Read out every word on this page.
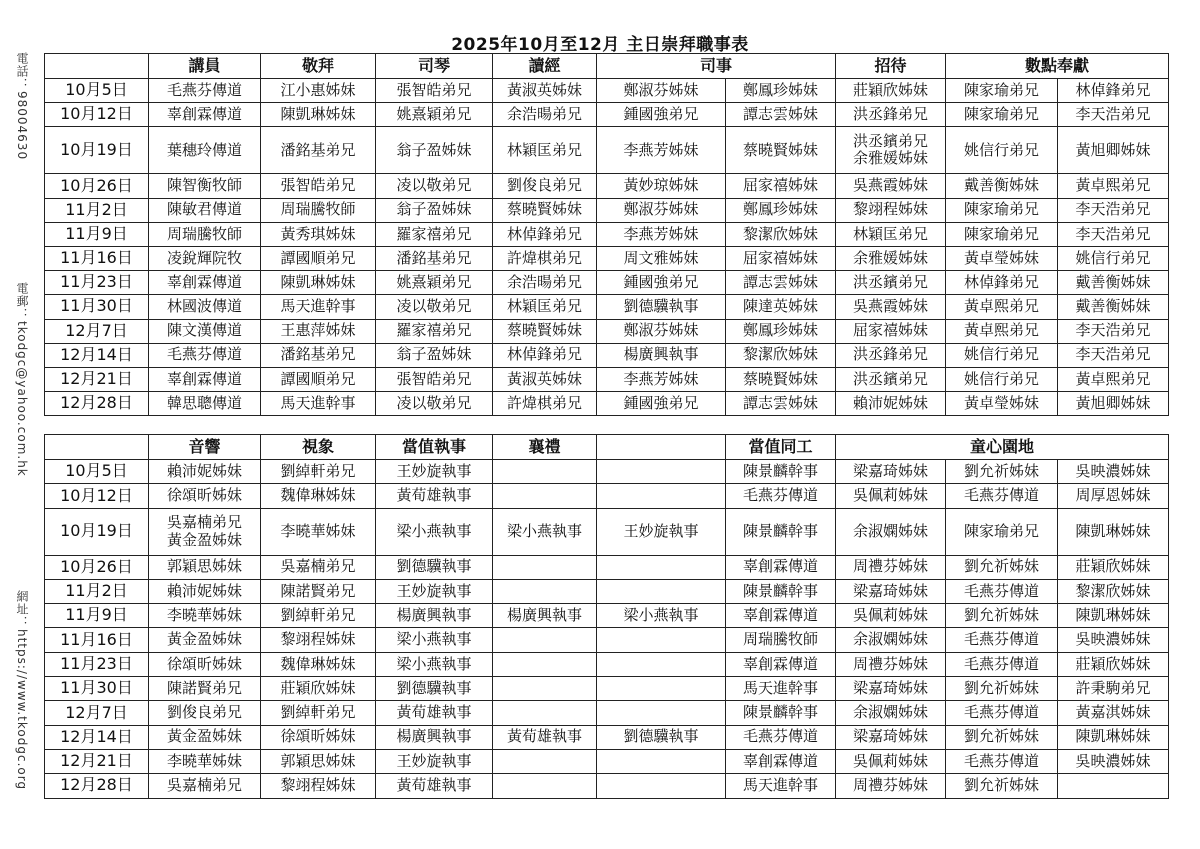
2025年10月至12月 主日崇拜職事表
電話：98004630
電郵：tkodgc@yahoo.com.hk
網址：https://www.tkodgc.org
	講員	敬拜	司琴	讀經	司事		招待	數點奉獻	
10月5日	毛燕芬傳道	江小惠姊妹	張智皓弟兄	黃淑英姊妹	鄭淑芬姊妹	鄭鳳珍姊妹	莊穎欣姊妹	陳家瑜弟兄	林倬鋒弟兄

10月12日	辜創霖傳道	陳凱琳姊妹	姚熹穎弟兄	余浩暘弟兄	鍾國強弟兄	譚志雲姊妹	洪丞鋒弟兄	陳家瑜弟兄	李天浩弟兄

10月19日	葉穗玲傳道	潘銘基弟兄	翁子盈姊妹	林穎匡弟兄	李燕芳姊妹	蔡曉賢姊妹	洪丞鑌弟兄
余雅媛姊妹	姚信行弟兄	黃旭卿姊妹

10月26日	陳智衡牧師	張智皓弟兄	凌以敬弟兄	劉俊良弟兄	黃妙琼姊妹	屈家禧姊妹	吳燕霞姊妹	戴善衡姊妹	黃卓熙弟兄

11月2日	陳敏君傳道	周瑞騰牧師	翁子盈姊妹	蔡曉賢姊妹	鄭淑芬姊妹	鄭鳳珍姊妹	黎翊程姊妹	陳家瑜弟兄	李天浩弟兄

11月9日	周瑞騰牧師	黃秀琪姊妹	羅家禧弟兄	林倬鋒弟兄	李燕芳姊妹	黎潔欣姊妹	林穎匡弟兄	陳家瑜弟兄	李天浩弟兄

11月16日	凌銳輝院牧	譚國順弟兄	潘銘基弟兄	許煒棋弟兄	周文雅姊妹	屈家禧姊妹	余雅媛姊妹	黃卓瑩姊妹	姚信行弟兄

11月23日	辜創霖傳道	陳凱琳姊妹	姚熹穎弟兄	余浩暘弟兄	鍾國強弟兄	譚志雲姊妹	洪丞鑌弟兄	林倬鋒弟兄	戴善衡姊妹

11月30日	林國波傳道	馬天進幹事	凌以敬弟兄	林穎匡弟兄	劉德驥執事	陳達英姊妹	吳燕霞姊妹	黃卓熙弟兄	戴善衡姊妹

12月7日	陳文漢傳道	王惠萍姊妹	羅家禧弟兄	蔡曉賢姊妹	鄭淑芬姊妹	鄭鳳珍姊妹	屈家禧姊妹	黃卓熙弟兄	李天浩弟兄

12月14日	毛燕芬傳道	潘銘基弟兄	翁子盈姊妹	林倬鋒弟兄	楊廣興執事	黎潔欣姊妹	洪丞鋒弟兄	姚信行弟兄	李天浩弟兄

12月21日	辜創霖傳道	譚國順弟兄	張智皓弟兄	黃淑英姊妹	李燕芳姊妹	蔡曉賢姊妹	洪丞鑌弟兄	姚信行弟兄	黃卓熙弟兄

12月28日	韓思聰傳道	馬天進幹事	凌以敬弟兄	許煒棋弟兄	鍾國強弟兄	譚志雲姊妹	賴沛妮姊妹	黃卓瑩姊妹	黃旭卿姊妹
	音響	視象	當值執事	襄禮		當值同工	童心園地		
10月5日	賴沛妮姊妹	劉綽軒弟兄	王妙旋執事			陳景麟幹事	梁嘉琦姊妹	劉允祈姊妹	吳映濃姊妹

10月12日	徐頌昕姊妹	魏偉琳姊妹	黃荀雄執事			毛燕芬傳道	吳佩莉姊妹	毛燕芬傳道	周厚恩姊妹

10月19日	吳嘉楠弟兄
黃金盈姊妹	李曉華姊妹	梁小燕執事	梁小燕執事	王妙旋執事	陳景麟幹事	余淑嫻姊妹	陳家瑜弟兄	陳凱琳姊妹

10月26日	郭穎思姊妹	吳嘉楠弟兄	劉德驥執事			辜創霖傳道	周禮芬姊妹	劉允祈姊妹	莊穎欣姊妹

11月2日	賴沛妮姊妹	陳諾賢弟兄	王妙旋執事			陳景麟幹事	梁嘉琦姊妹	毛燕芬傳道	黎潔欣姊妹

11月9日	李曉華姊妹	劉綽軒弟兄	楊廣興執事	楊廣興執事	梁小燕執事	辜創霖傳道	吳佩莉姊妹	劉允祈姊妹	陳凱琳姊妹

11月16日	黃金盈姊妹	黎翊程姊妹	梁小燕執事			周瑞騰牧師	余淑嫻姊妹	毛燕芬傳道	吳映濃姊妹

11月23日	徐頌昕姊妹	魏偉琳姊妹	梁小燕執事			辜創霖傳道	周禮芬姊妹	毛燕芬傳道	莊穎欣姊妹

11月30日	陳諾賢弟兄	莊穎欣姊妹	劉德驥執事			馬天進幹事	梁嘉琦姊妹	劉允祈姊妹	許秉駒弟兄

12月7日	劉俊良弟兄	劉綽軒弟兄	黃荀雄執事			陳景麟幹事	余淑嫻姊妹	毛燕芬傳道	黃嘉淇姊妹

12月14日	黃金盈姊妹	徐頌昕姊妹	楊廣興執事	黃荀雄執事	劉德驥執事	毛燕芬傳道	梁嘉琦姊妹	劉允祈姊妹	陳凱琳姊妹

12月21日	李曉華姊妹	郭穎思姊妹	王妙旋執事			辜創霖傳道	吳佩莉姊妹	毛燕芬傳道	吳映濃姊妹

12月28日	吳嘉楠弟兄	黎翊程姊妹	黃荀雄執事			馬天進幹事	周禮芬姊妹	劉允祈姊妹	
